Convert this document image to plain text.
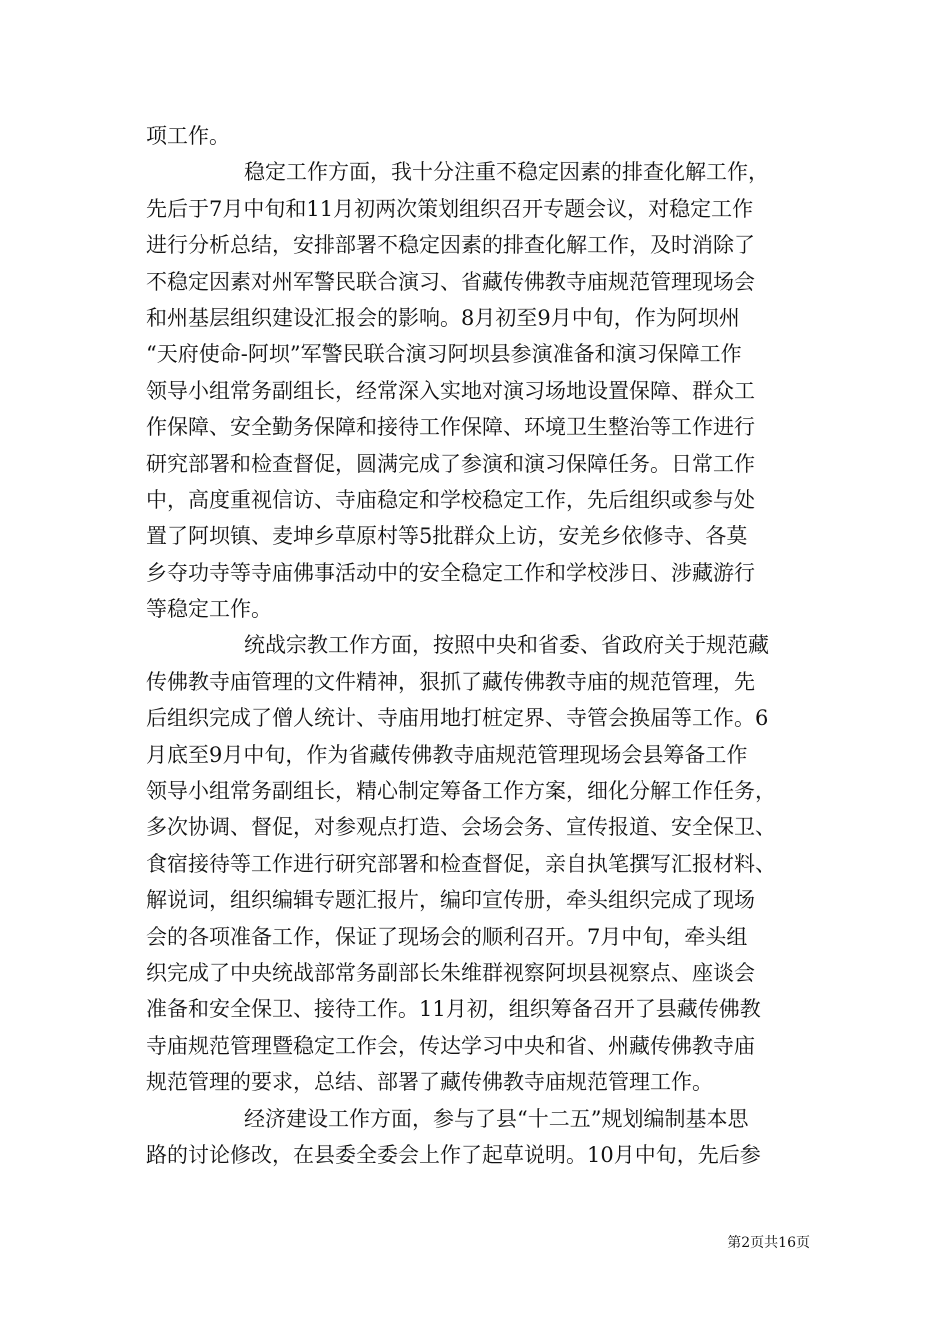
项工作。
稳定工作方面，我十分注重不稳定因素的排查化解工作，
先后于7月中旬和11月初两次策划组织召开专题会议，对稳定工作
进行分析总结，安排部署不稳定因素的排查化解工作，及时消除了
不稳定因素对州军警民联合演习、省藏传佛教寺庙规范管理现场会
和州基层组织建设汇报会的影响。8月初至9月中旬，作为阿坝州
“天府使命-阿坝”军警民联合演习阿坝县参演准备和演习保障工作
领导小组常务副组长，经常深入实地对演习场地设置保障、群众工
作保障、安全勤务保障和接待工作保障、环境卫生整治等工作进行
研究部署和检查督促，圆满完成了参演和演习保障任务。日常工作
中，高度重视信访、寺庙稳定和学校稳定工作，先后组织或参与处
置了阿坝镇、麦坤乡草原村等5批群众上访，安羌乡依修寺、各莫
乡夺功寺等寺庙佛事活动中的安全稳定工作和学校涉日、涉藏游行
等稳定工作。
统战宗教工作方面，按照中央和省委、省政府关于规范藏
传佛教寺庙管理的文件精神，狠抓了藏传佛教寺庙的规范管理，先
后组织完成了僧人统计、寺庙用地打桩定界、寺管会换届等工作。6
月底至9月中旬，作为省藏传佛教寺庙规范管理现场会县筹备工作
领导小组常务副组长，精心制定筹备工作方案，细化分解工作任务，
多次协调、督促，对参观点打造、会场会务、宣传报道、安全保卫、
食宿接待等工作进行研究部署和检查督促，亲自执笔撰写汇报材料、
解说词，组织编辑专题汇报片，编印宣传册，牵头组织完成了现场
会的各项准备工作，保证了现场会的顺利召开。7月中旬，牵头组
织完成了中央统战部常务副部长朱维群视察阿坝县视察点、座谈会
准备和安全保卫、接待工作。11月初，组织筹备召开了县藏传佛教
寺庙规范管理暨稳定工作会，传达学习中央和省、州藏传佛教寺庙
规范管理的要求，总结、部署了藏传佛教寺庙规范管理工作。
经济建设工作方面，参与了县“十二五”规划编制基本思
路的讨论修改，在县委全委会上作了起草说明。10月中旬，先后参
第2页共16页
